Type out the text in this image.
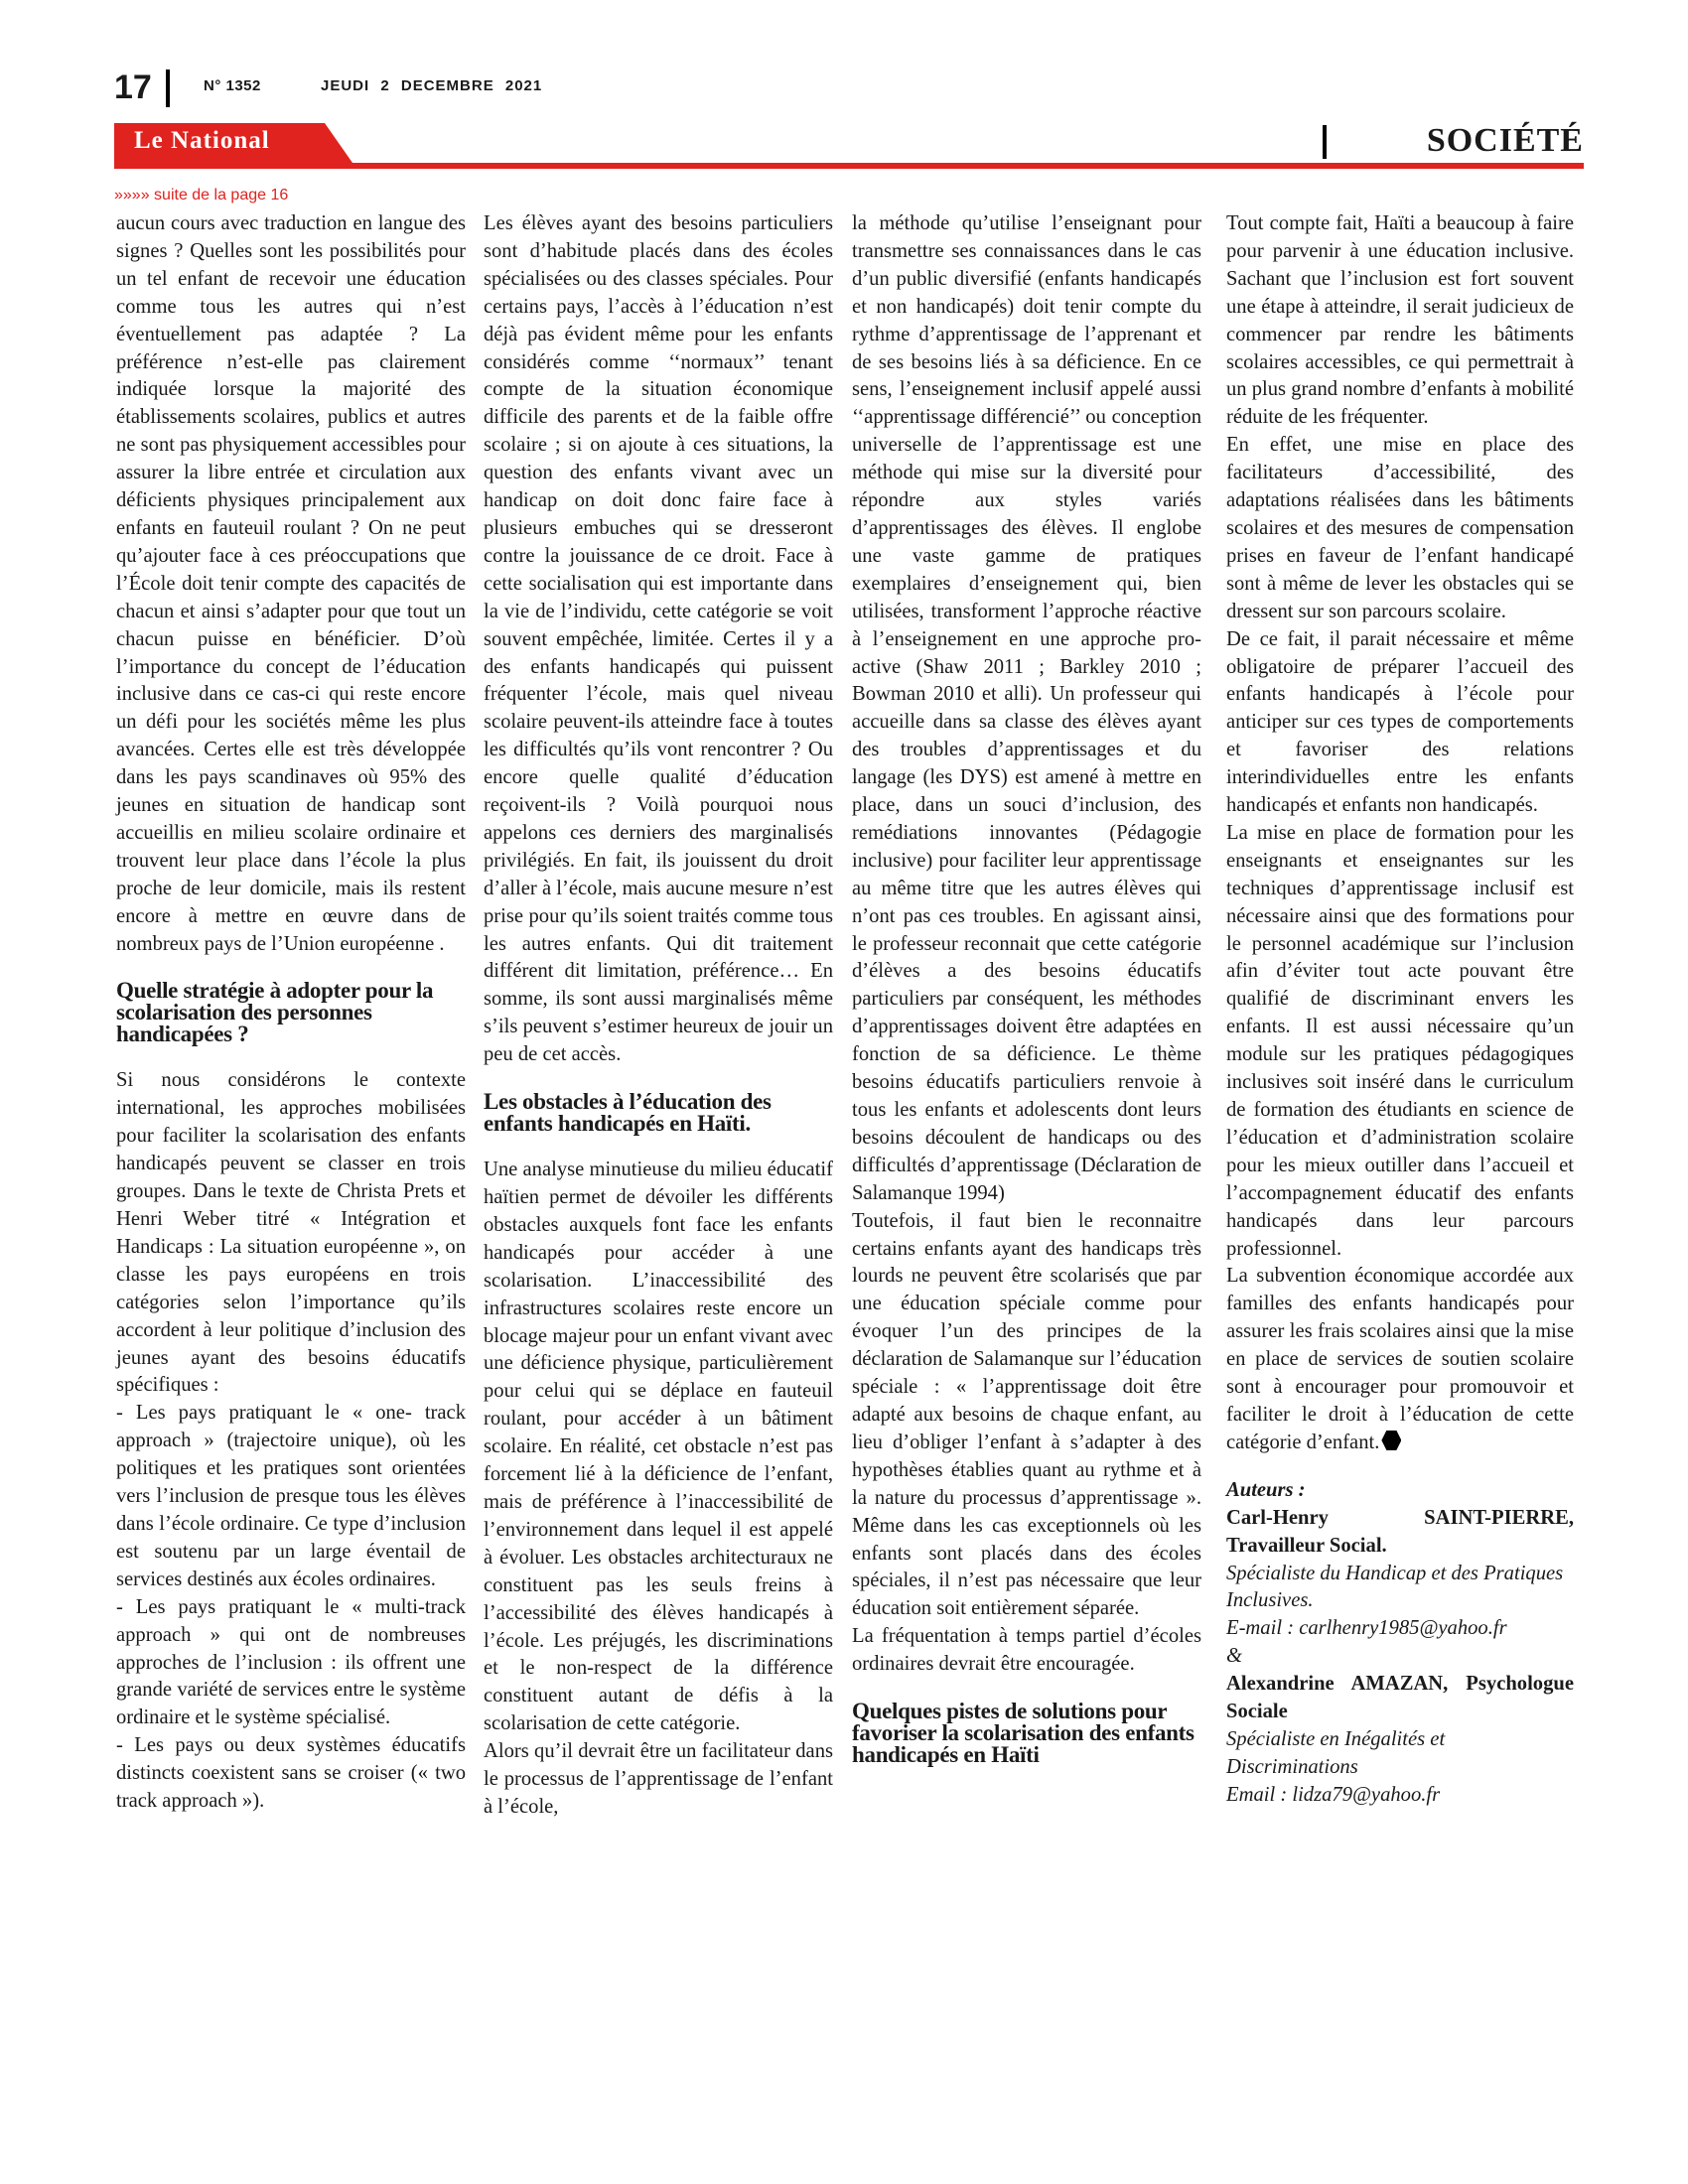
17	N° 1352	JEUDI 2 DECEMBRE 2021
Le National	SOCIÉTÉ
»»»» suite de la page 16

aucun cours avec traduction en langue des signes ? Quelles sont les possibilités pour un tel enfant de recevoir une éducation comme tous les autres qui n’est éventuellement pas adaptée ? La préférence n’est-elle pas clairement indiquée lorsque la majorité des établissements scolaires, publics et autres ne sont pas physiquement accessibles pour assurer la libre entrée et circulation aux déficients physiques principalement aux enfants en fauteuil roulant ? On ne peut qu’ajouter face à ces préoccupations que l’École doit tenir compte des capacités de chacun et ainsi s’adapter pour que tout un chacun puisse en bénéficier. D’où l’importance du concept de l’éducation inclusive dans ce cas-ci qui reste encore un défi pour les sociétés même les plus avancées. Certes elle est très développée dans les pays scandinaves où 95% des jeunes en situation de handicap sont accueillis en milieu scolaire ordinaire et trouvent leur place dans l’école la plus proche de leur domicile, mais ils restent encore à mettre en œuvre dans de nombreux pays de l’Union européenne .

Quelle stratégie à adopter pour la scolarisation des personnes handicapées ?

Si nous considérons le contexte international, les approches mobilisées pour faciliter la scolarisation des enfants handicapés peuvent se classer en trois groupes. Dans le texte de Christa Prets et Henri Weber titré « Intégration et Handicaps : La situation européenne », on classe les pays européens en trois catégories selon l’importance qu’ils accordent à leur politique d’inclusion des jeunes ayant des besoins éducatifs spécifiques :

- Les pays pratiquant le « one- track approach » (trajectoire unique), où les politiques et les pratiques sont orientées vers l’inclusion de presque tous les élèves dans l’école ordinaire. Ce type d’inclusion est soutenu par un large éventail de services destinés aux écoles ordinaires.

- Les pays pratiquant le « multi-track approach » qui ont de nombreuses approches de l’inclusion : ils offrent une grande variété de services entre le système ordinaire et le système spécialisé.

- Les pays ou deux systèmes éducatifs distincts coexistent sans se croiser (« two track approach »).

Les élèves ayant des besoins particuliers sont d’habitude placés dans des écoles spécialisées ou des classes spéciales. Pour certains pays, l’accès à l’éducation n’est déjà pas évident même pour les enfants considérés comme ‘‘normaux’’ tenant compte de la situation économique difficile des parents et de la faible offre scolaire ; si on ajoute à ces situations, la question des enfants vivant avec un handicap on doit donc faire face à plusieurs embuches qui se dresseront contre la jouissance de ce droit. Face à cette socialisation qui est importante dans la vie de l’individu, cette catégorie se voit souvent empêchée, limitée. Certes il y a des enfants handicapés qui puissent fréquenter l’école, mais quel niveau scolaire peuvent-ils atteindre face à toutes les difficultés qu’ils vont rencontrer ? Ou encore quelle qualité d’éducation reçoivent-ils ? Voilà pourquoi nous appelons ces derniers des marginalisés privilégiés. En fait, ils jouissent du droit d’aller à l’école, mais aucune mesure n’est prise pour qu’ils soient traités comme tous les autres enfants. Qui dit traitement différent dit limitation, préférence… En somme, ils sont aussi marginalisés même s’ils peuvent s’estimer heureux de jouir un peu de cet accès.

Les obstacles à l’éducation des enfants handicapés en Haïti.

Une analyse minutieuse du milieu éducatif haïtien permet de dévoiler les différents obstacles auxquels font face les enfants handicapés pour accéder à une scolarisation. L’inaccessibilité des infrastructures scolaires reste encore un blocage majeur pour un enfant vivant avec une déficience physique, particulièrement pour celui qui se déplace en fauteuil roulant, pour accéder à un bâtiment scolaire. En réalité, cet obstacle n’est pas forcement lié à la déficience de l’enfant, mais de préférence à l’inaccessibilité de l’environnement dans lequel il est appelé à évoluer. Les obstacles architecturaux ne constituent pas les seuls freins à l’accessibilité des élèves handicapés à l’école. Les préjugés, les discriminations et le non-respect de la différence constituent autant de défis à la scolarisation de cette catégorie.

Alors qu’il devrait être un facilitateur dans le processus de l’apprentissage de l’enfant à l’école,

la méthode qu’utilise l’enseignant pour transmettre ses connaissances dans le cas d’un public diversifié (enfants handicapés et non handicapés) doit tenir compte du rythme d’apprentissage de l’apprenant et de ses besoins liés à sa déficience. En ce sens, l’enseignement inclusif appelé aussi ‘‘apprentissage différencié’’ ou conception universelle de l’apprentissage est une méthode qui mise sur la diversité pour répondre aux styles variés d’apprentissages des élèves. Il englobe une vaste gamme de pratiques exemplaires d’enseignement qui, bien utilisées, transforment l’approche réactive à l’enseignement en une approche pro-active (Shaw 2011 ; Barkley 2010 ; Bowman 2010 et alli). Un professeur qui accueille dans sa classe des élèves ayant des troubles d’apprentissages et du langage (les DYS) est amené à mettre en place, dans un souci d’inclusion, des remédiations innovantes (Pédagogie inclusive) pour faciliter leur apprentissage au même titre que les autres élèves qui n’ont pas ces troubles. En agissant ainsi, le professeur reconnait que cette catégorie d’élèves a des besoins éducatifs particuliers par conséquent, les méthodes d’apprentissages doivent être adaptées en fonction de sa déficience. Le thème besoins éducatifs particuliers renvoie à tous les enfants et adolescents dont leurs besoins découlent de handicaps ou des difficultés d’apprentissage (Déclaration de Salamanque 1994)

Toutefois, il faut bien le reconnaitre certains enfants ayant des handicaps très lourds ne peuvent être scolarisés que par une éducation spéciale comme pour évoquer l’un des principes de la déclaration de Salamanque sur l’éducation spéciale : « l’apprentissage doit être adapté aux besoins de chaque enfant, au lieu d’obliger l’enfant à s’adapter à des hypothèses établies quant au rythme et à la nature du processus d’apprentissage ». Même dans les cas exceptionnels où les enfants sont placés dans des écoles spéciales, il n’est pas nécessaire que leur éducation soit entièrement séparée.

La fréquentation à temps partiel d’écoles ordinaires devrait être encouragée.

Quelques pistes de solutions pour favoriser la scolarisation des enfants handicapés en Haïti

Tout compte fait, Haïti a beaucoup à faire pour parvenir à une éducation inclusive. Sachant que l’inclusion est fort souvent une étape à atteindre, il serait judicieux de commencer par rendre les bâtiments scolaires accessibles, ce qui permettrait à un plus grand nombre d’enfants à mobilité réduite de les fréquenter.

En effet, une mise en place des facilitateurs d’accessibilité, des adaptations réalisées dans les bâtiments scolaires et des mesures de compensation prises en faveur de l’enfant handicapé sont à même de lever les obstacles qui se dressent sur son parcours scolaire.

De ce fait, il parait nécessaire et même obligatoire de préparer l’accueil des enfants handicapés à l’école pour anticiper sur ces types de comportements et favoriser des relations interindividuelles entre les enfants handicapés et enfants non handicapés.

La mise en place de formation pour les enseignants et enseignantes sur les techniques d’apprentissage inclusif est nécessaire ainsi que des formations pour le personnel académique sur l’inclusion afin d’éviter tout acte pouvant être qualifié de discriminant envers les enfants. Il est aussi nécessaire qu’un module sur les pratiques pédagogiques inclusives soit inséré dans le curriculum de formation des étudiants en science de l’éducation et d’administration scolaire pour les mieux outiller dans l’accueil et l’accompagnement éducatif des enfants handicapés dans leur parcours professionnel.

La subvention économique accordée aux familles des enfants handicapés pour assurer les frais scolaires ainsi que la mise en place de services de soutien scolaire sont à encourager pour promouvoir et faciliter le droit à l’éducation de cette catégorie d’enfant.

Auteurs :

Carl-Henry SAINT-PIERRE, Travailleur Social.

Spécialiste du Handicap et des Pratiques Inclusives.

E-mail : carlhenry1985@yahoo.fr

&

Alexandrine AMAZAN, Psychologue Sociale

Spécialiste en Inégalités et Discriminations

Email : lidza79@yahoo.fr
